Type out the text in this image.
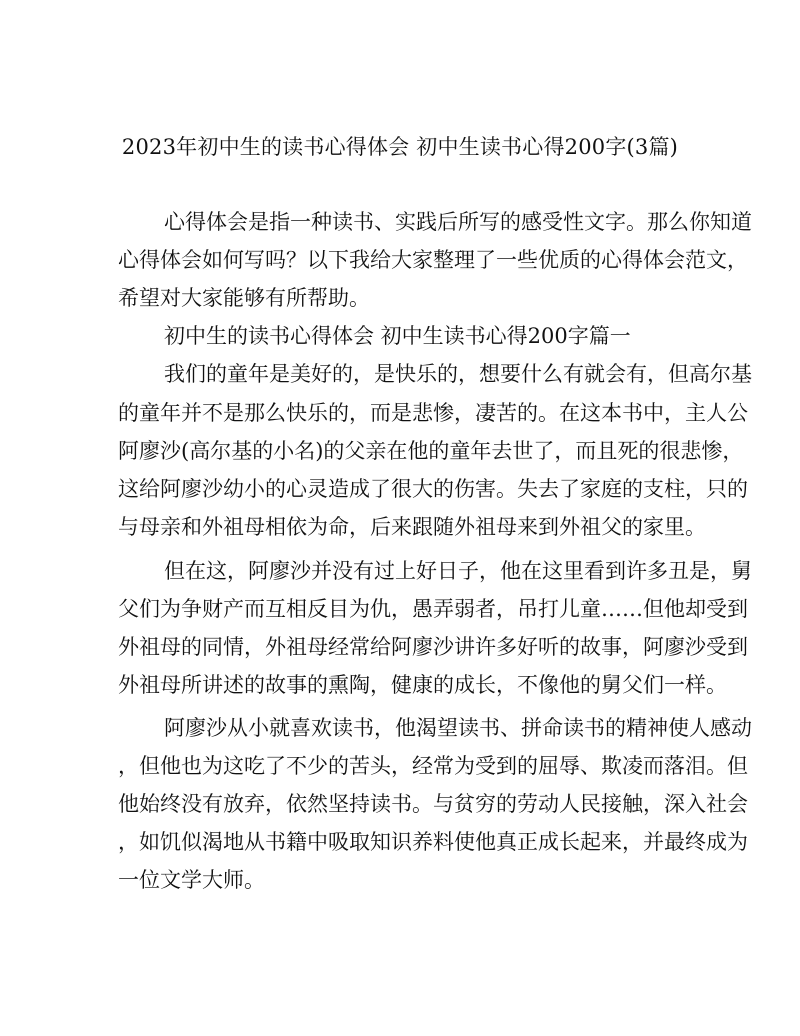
2023年初中生的读书心得体会 初中生读书心得200字(3篇)
心得体会是指一种读书、实践后所写的感受性文字。那么你知道
心得体会如何写吗？以下我给大家整理了一些优质的心得体会范文，
希望对大家能够有所帮助。
初中生的读书心得体会 初中生读书心得200字篇一
我们的童年是美好的，是快乐的，想要什么有就会有，但高尔基
的童年并不是那么快乐的，而是悲惨，凄苦的。在这本书中，主人公
阿廖沙(高尔基的小名)的父亲在他的童年去世了，而且死的很悲惨，
这给阿廖沙幼小的心灵造成了很大的伤害。失去了家庭的支柱，只的
与母亲和外祖母相依为命，后来跟随外祖母来到外祖父的家里。
但在这，阿廖沙并没有过上好日子，他在这里看到许多丑是，舅
父们为争财产而互相反目为仇，愚弄弱者，吊打儿童……但他却受到
外祖母的同情，外祖母经常给阿廖沙讲许多好听的故事，阿廖沙受到
外祖母所讲述的故事的熏陶，健康的成长，不像他的舅父们一样。
阿廖沙从小就喜欢读书，他渴望读书、拼命读书的精神使人感动
，但他也为这吃了不少的苦头，经常为受到的屈辱、欺凌而落泪。但
他始终没有放弃，依然坚持读书。与贫穷的劳动人民接触，深入社会
，如饥似渴地从书籍中吸取知识养料使他真正成长起来，并最终成为
一位文学大师。
